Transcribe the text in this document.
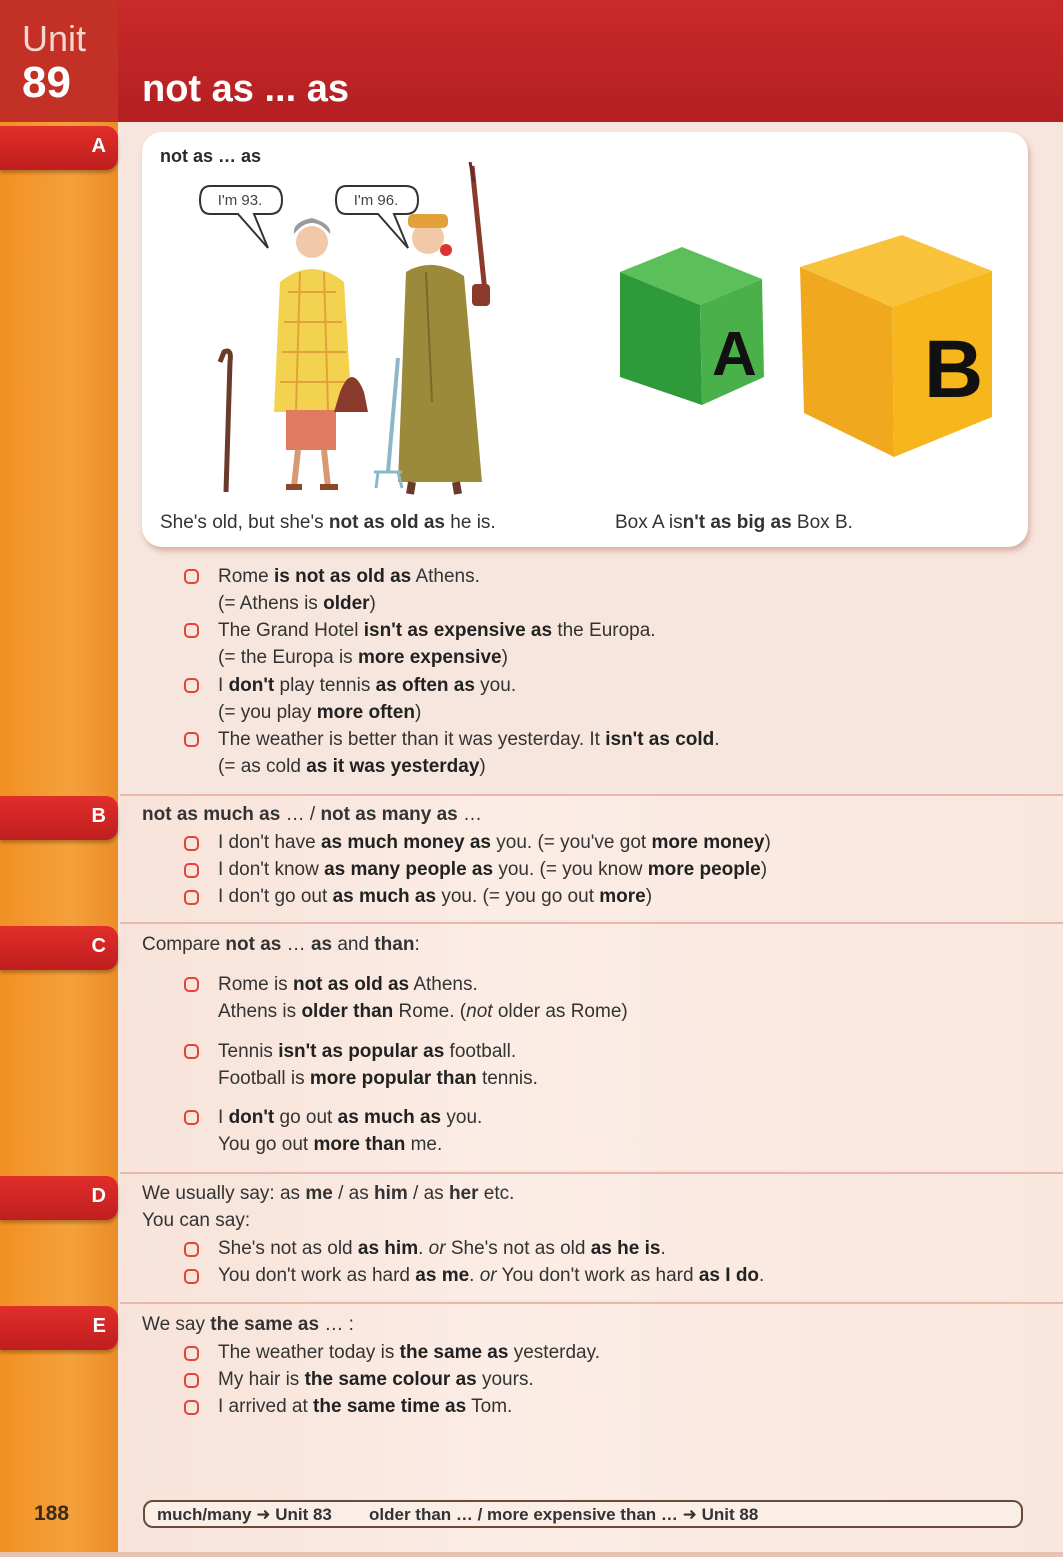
Unit
89 not as ... as
A
B
C
D
E
not as … as
I'm 93.	I'm 96.
A B
She's old, but she's not as old as he is.	Box A isn't as big as Box B.
Rome is not as old as Athens.
(= Athens is older)
The Grand Hotel isn't as expensive as the Europa.
(= the Europa is more expensive)
I don't play tennis as often as you.
(= you play more often)
The weather is better than it was yesterday. It isn't as cold.
(= as cold as it was yesterday)
not as much as … / not as many as …
I don't have as much money as you. (= you've got more money)
I don't know as many people as you. (= you know more people)
I don't go out as much as you. (= you go out more)
Compare not as … as and than:
Rome is not as old as Athens.
Athens is older than Rome. (not older as Rome)
Tennis isn't as popular as football.
Football is more popular than tennis.
I don't go out as much as you.
You go out more than me.
We usually say: as me / as him / as her etc.
You can say:
She's not as old as him. or She's not as old as he is.
You don't work as hard as me. or You don't work as hard as I do.
We say the same as … :
The weather today is the same as yesterday.
My hair is the same colour as yours.
I arrived at the same time as Tom.
188	much/many ➜ Unit 83 older than … / more expensive than … ➜ Unit 88
